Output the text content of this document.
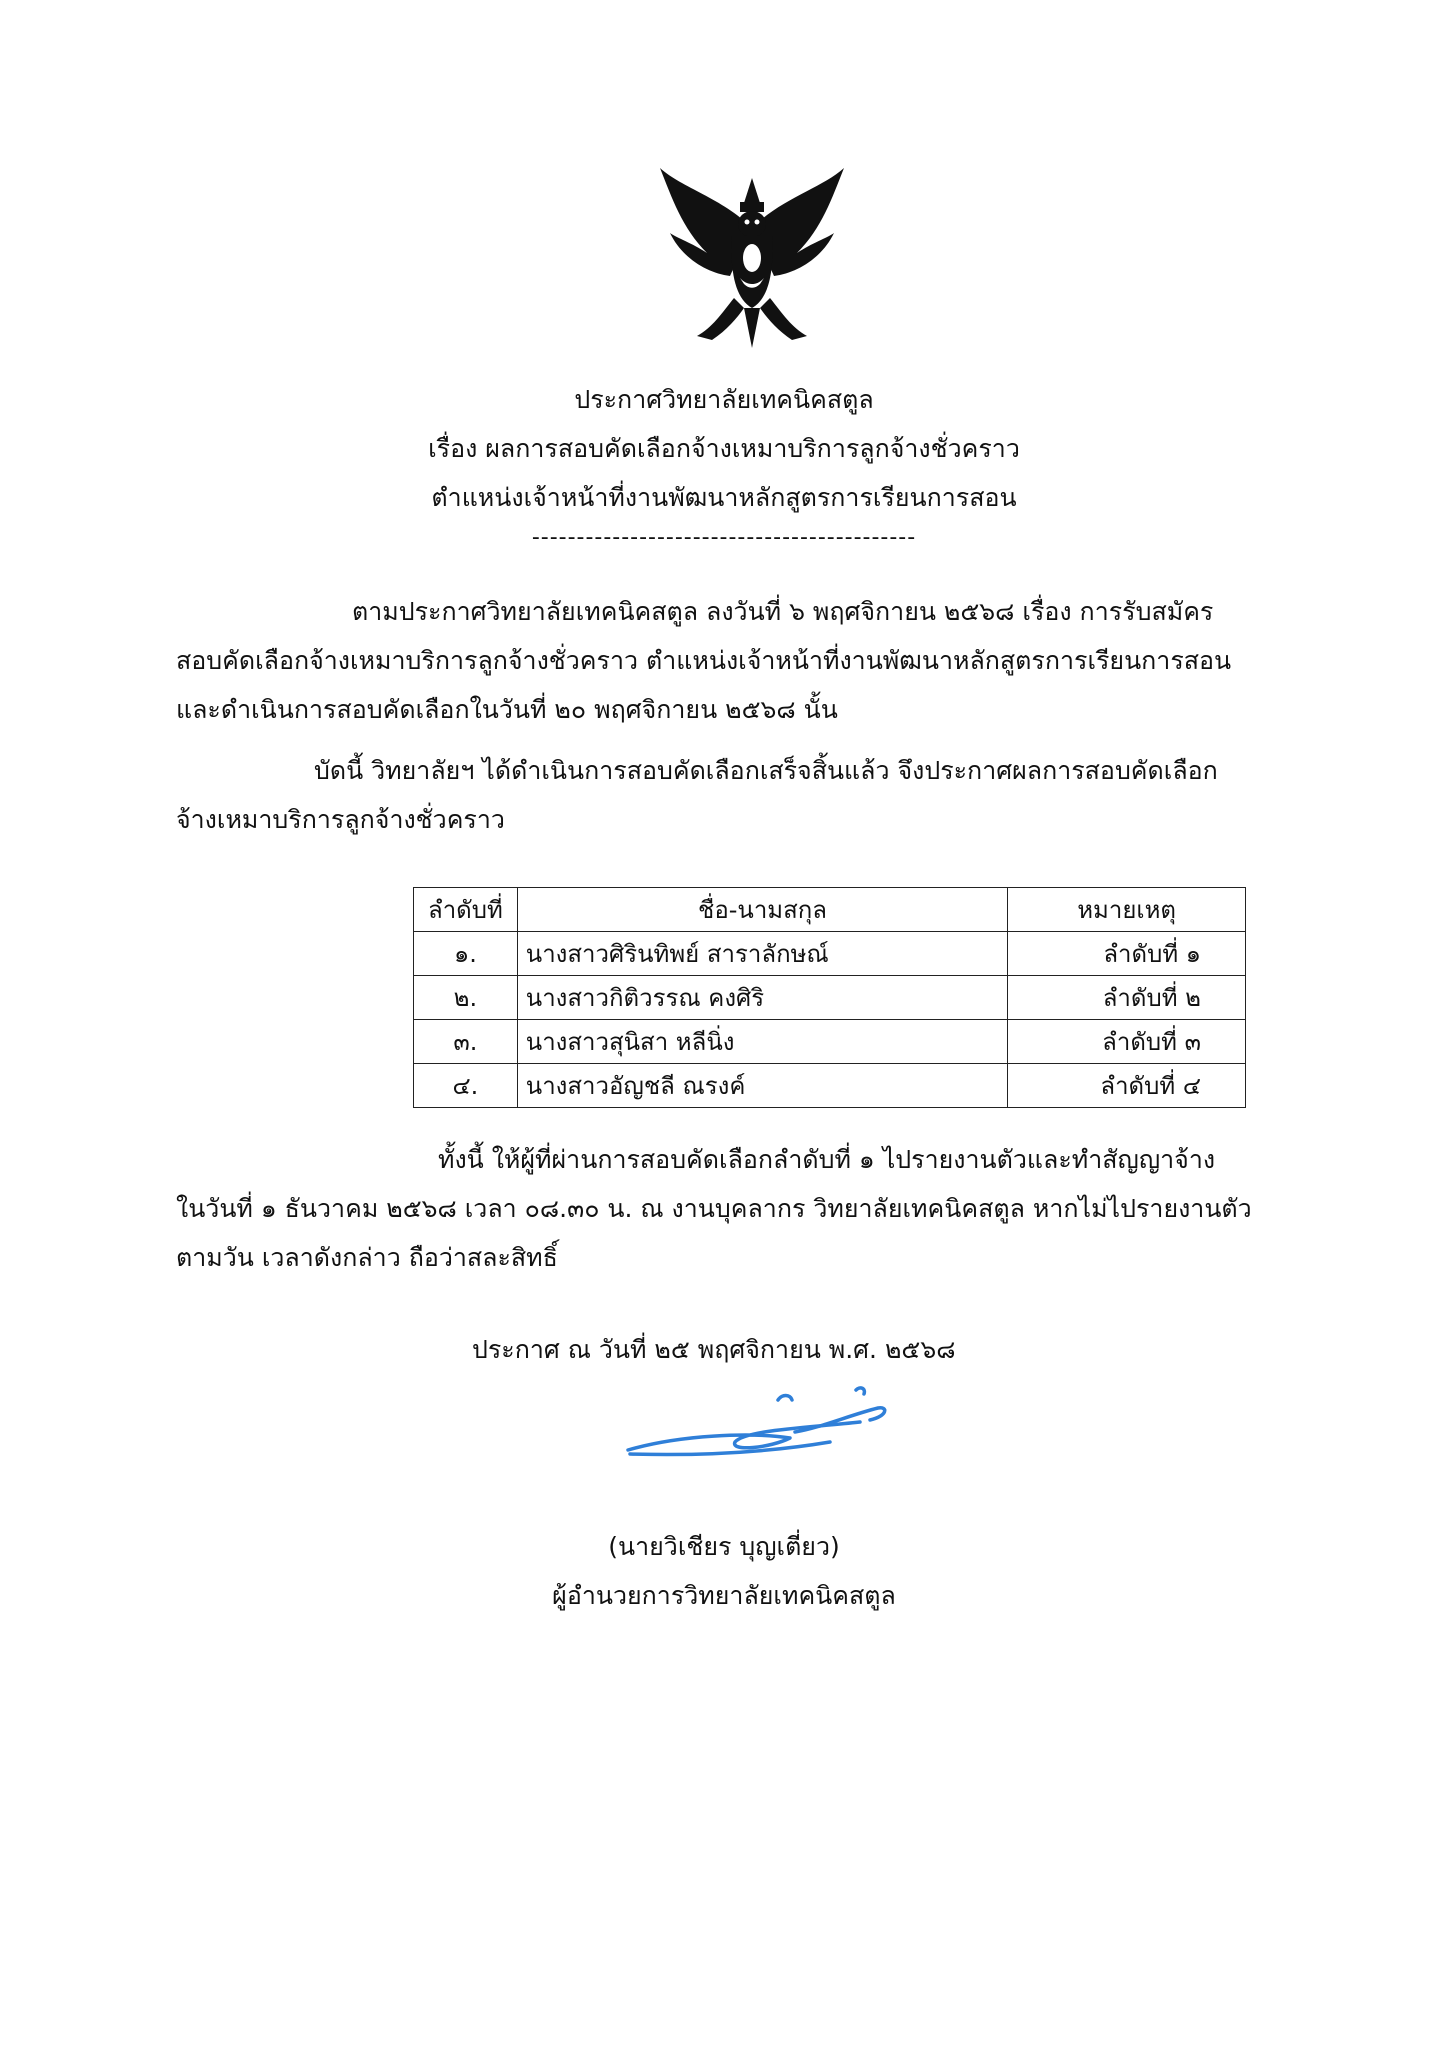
ประกาศวิทยาลัยเทคนิคสตูล
เรื่อง ผลการสอบคัดเลือกจ้างเหมาบริการลูกจ้างชั่วคราว
ตำแหน่งเจ้าหน้าที่งานพัฒนาหลักสูตรการเรียนการสอน
-------------------------------------------
ตามประกาศวิทยาลัยเทคนิคสตูล ลงวันที่ ๖ พฤศจิกายน ๒๕๖๘ เรื่อง การรับสมัคร
สอบคัดเลือกจ้างเหมาบริการลูกจ้างชั่วคราว ตำแหน่งเจ้าหน้าที่งานพัฒนาหลักสูตรการเรียนการสอน
และดำเนินการสอบคัดเลือกในวันที่ ๒๐ พฤศจิกายน ๒๕๖๘ นั้น
บัดนี้ วิทยาลัยฯ ได้ดำเนินการสอบคัดเลือกเสร็จสิ้นแล้ว จึงประกาศผลการสอบคัดเลือก
จ้างเหมาบริการลูกจ้างชั่วคราว
ลำดับที่	ชื่อ-นามสกุล	หมายเหตุ
๑.	นางสาวศิรินทิพย์ สาราลักษณ์	ลำดับที่ ๑
๒.	นางสาวกิติวรรณ คงศิริ	ลำดับที่ ๒
๓.	นางสาวสุนิสา หลีนิ่ง	ลำดับที่ ๓
๔.	นางสาวอัญชลี ณรงค์	ลำดับที่ ๔
ทั้งนี้ ให้ผู้ที่ผ่านการสอบคัดเลือกลำดับที่ ๑ ไปรายงานตัวและทำสัญญาจ้าง
ในวันที่ ๑ ธันวาคม ๒๕๖๘ เวลา ๐๘.๓๐ น. ณ งานบุคลากร วิทยาลัยเทคนิคสตูล หากไม่ไปรายงานตัว
ตามวัน เวลาดังกล่าว ถือว่าสละสิทธิ์
ประกาศ ณ วันที่ ๒๕ พฤศจิกายน พ.ศ. ๒๕๖๘
(นายวิเชียร บุญเตี่ยว)
ผู้อำนวยการวิทยาลัยเทคนิคสตูล
